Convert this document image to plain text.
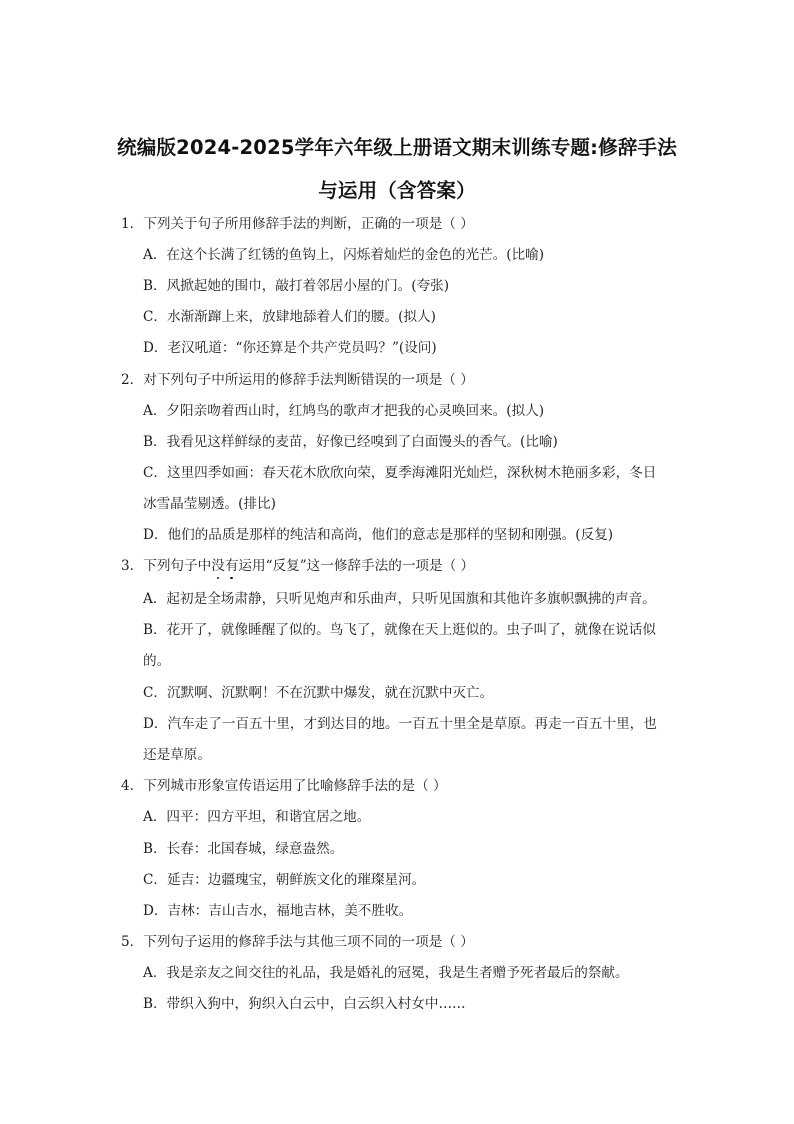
统编版2024-2025学年六年级上册语文期末训练专题:修辞手法
与运用（含答案）
1．下列关于句子所用修辞手法的判断，正确的一项是（ ）
A．在这个长满了红锈的鱼钩上，闪烁着灿烂的金色的光芒。(比喻)
B．风掀起她的围巾，敲打着邻居小屋的门。(夸张)
C．水渐渐蹿上来，放肆地舔着人们的腰。(拟人)
D．老汉吼道：“你还算是个共产党员吗？”(设问)
2．对下列句子中所运用的修辞手法判断错误的一项是（ ）
A．夕阳亲吻着西山时，红鸠鸟的歌声才把我的心灵唤回来。(拟人)
B．我看见这样鲜绿的麦苗，好像已经嗅到了白面馒头的香气。(比喻)
C．这里四季如画：春天花木欣欣向荣，夏季海滩阳光灿烂，深秋树木艳丽多彩，冬日
冰雪晶莹剔透。(排比)
D．他们的品质是那样的纯洁和高尚，他们的意志是那样的坚韧和刚强。(反复)
3．下列句子中没有运用“反复”这一修辞手法的一项是（ ）
A．起初是全场肃静，只听见炮声和乐曲声，只听见国旗和其他许多旗帜飘拂的声音。
B．花开了，就像睡醒了似的。鸟飞了，就像在天上逛似的。虫子叫了，就像在说话似
的。
C．沉默啊、沉默啊！不在沉默中爆发，就在沉默中灭亡。
D．汽车走了一百五十里，才到达目的地。一百五十里全是草原。再走一百五十里，也
还是草原。
4．下列城市形象宣传语运用了比喻修辞手法的是（ ）
A．四平：四方平坦，和谐宜居之地。
B．长春：北国春城，绿意盎然。
C．延吉：边疆瑰宝，朝鲜族文化的璀璨星河。
D．吉林：吉山吉水，福地吉林，美不胜收。
5．下列句子运用的修辞手法与其他三项不同的一项是（ ）
A．我是亲友之间交往的礼品，我是婚礼的冠冕，我是生者赠予死者最后的祭献。
B．带织入狗中，狗织入白云中，白云织入村女中……
